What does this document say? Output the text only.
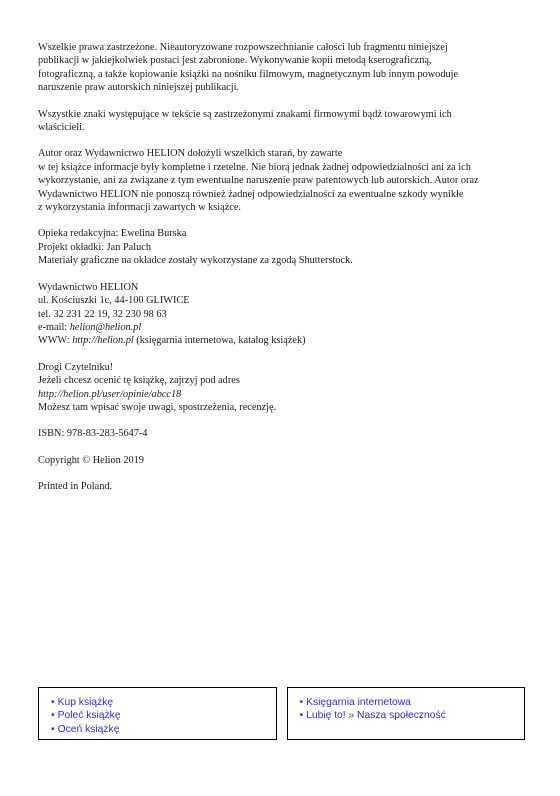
Wszelkie prawa zastrzeżone. Nieautoryzowane rozpowszechnianie całości lub fragmentu niniejszej
publikacji w jakiejkolwiek postaci jest zabronione. Wykonywanie kopii metodą kserograficzną,
fotograficzną, a także kopiowanie książki na nośniku filmowym, magnetycznym lub innym powoduje
naruszenie praw autorskich niniejszej publikacji.

Wszystkie znaki występujące w tekście są zastrzeżonymi znakami firmowymi bądź towarowymi ich
właścicieli.

Autor oraz Wydawnictwo HELION dołożyli wszelkich starań, by zawarte
w tej książce informacje były kompletne i rzetelne. Nie biorą jednak żadnej odpowiedzialności ani za ich
wykorzystanie, ani za związane z tym ewentualne naruszenie praw patentowych lub autorskich. Autor oraz
Wydawnictwo HELION nie ponoszą również żadnej odpowiedzialności za ewentualne szkody wynikłe
z wykorzystania informacji zawartych w książce.

Opieka redakcyjna: Ewelina Burska
Projekt okładki: Jan Paluch
Materiały graficzne na okładce zostały wykorzystane za zgodą Shutterstock.

Wydawnictwo HELION
ul. Kościuszki 1c, 44-100 GLIWICE
tel. 32 231 22 19, 32 230 98 63
e-mail: helion@helion.pl
WWW: http://helion.pl (księgarnia internetowa, katalog książek)

Drogi Czytelniku!
Jeżeli chcesz ocenić tę książkę, zajrzyj pod adres
http://helion.pl/user/opinie/abcc18
Możesz tam wpisać swoje uwagi, spostrzeżenia, recenzję.

ISBN: 978-83-283-5647-4

Copyright © Helion 2019

Printed in Poland.

• Kup książkę
• Poleć książkę
• Oceń książkę
• Księgarnia internetowa
• Lubię to! » Nasza społeczność
